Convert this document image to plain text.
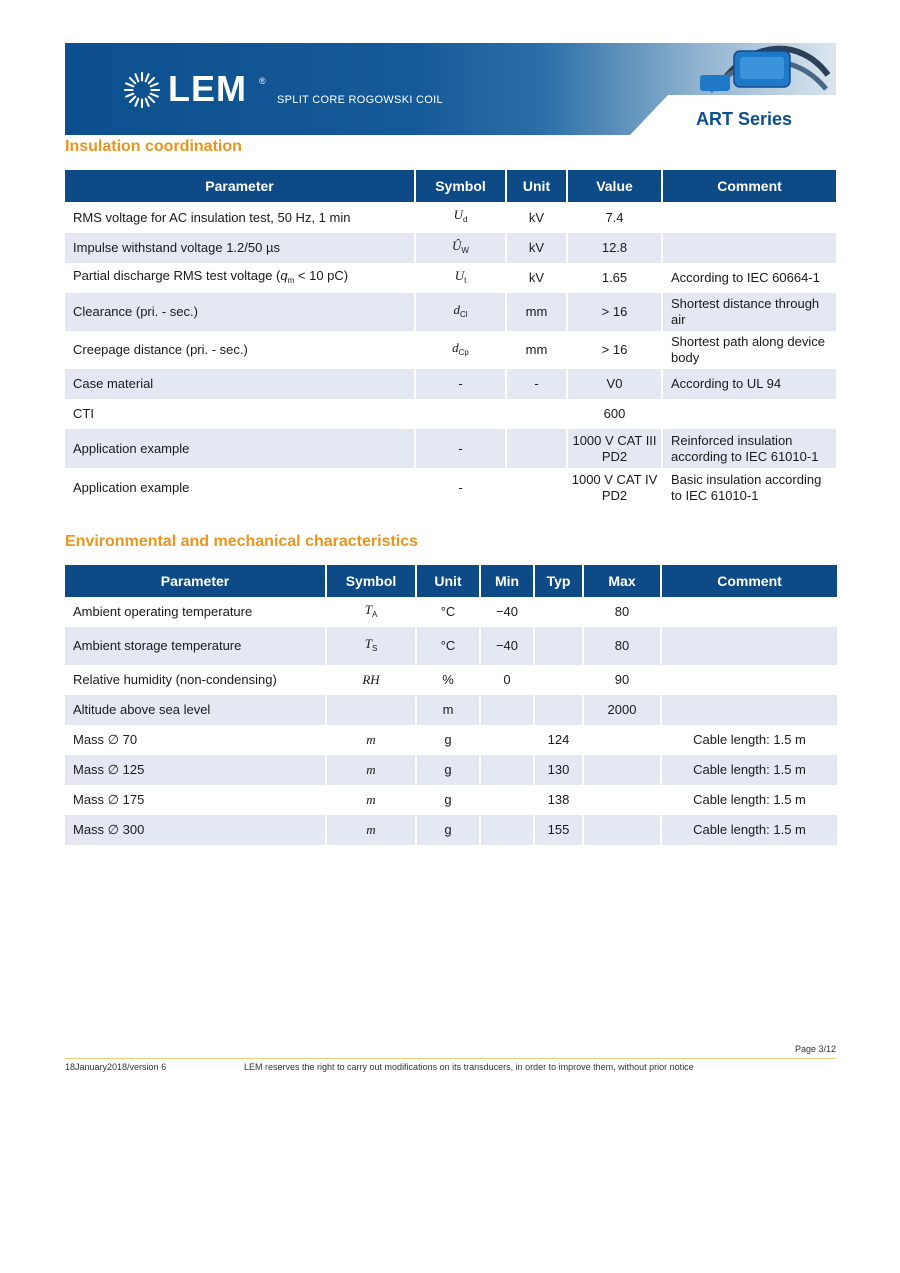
LEM ®
SPLIT CORE ROGOWSKI COIL
ART Series
Insulation coordination
Parameter	Symbol	Unit	Value	Comment
RMS voltage for AC insulation test, 50 Hz, 1 min	$U_d$	kV	7.4	
Impulse withstand voltage 1.2/50 µs	$Û_W$	kV	12.8	
Partial discharge RMS test voltage ($q_m < 10$ pC)	$U_t$	kV	1.65	According to IEC 60664-1
Clearance (pri. - sec.)	$d_{Cl}$	mm	> 16	Shortest distance through air
Creepage distance (pri. - sec.)	$d_{Cp}$	mm	> 16	Shortest path along device body
Case material	-	-	V0	According to UL 94
CTI			600	
Application example	-		1000 V CAT III PD2	Reinforced insulation according to IEC 61010-1
Application example	-		1000 V CAT IV PD2	Basic insulation according to IEC 61010-1
Environmental and mechanical characteristics
Parameter	Symbol	Unit	Min	Typ	Max	Comment
Ambient operating temperature	$T_A$	°C	−40		80	
Ambient storage temperature	$T_S$	°C	−40		80	
Relative humidity (non-condensing)	RH	%	0		90	
Altitude above sea level		m			2000	
Mass ∅ 70	m	g		124		Cable length: 1.5 m
Mass ∅ 125	m	g		130		Cable length: 1.5 m
Mass ∅ 175	m	g		138		Cable length: 1.5 m
Mass ∅ 300	m	g		155		Cable length: 1.5 m
Page 3/12
18January2018/version 6	LEM reserves the right to carry out modifications on its transducers, in order to improve them, without prior notice
